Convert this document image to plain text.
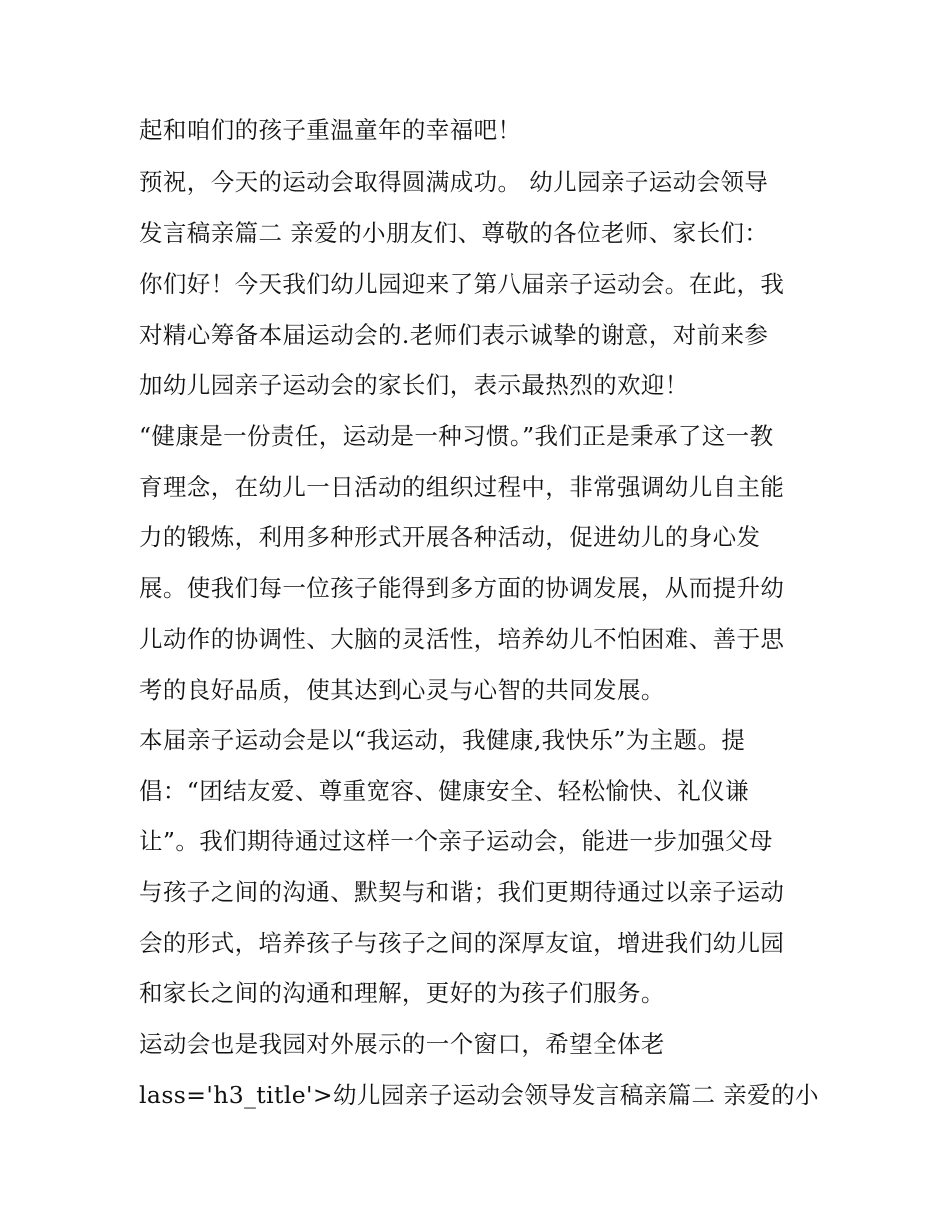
起和咱们的孩子重温童年的幸福吧！
预祝，今天的运动会取得圆满成功。 幼儿园亲子运动会领导
发言稿亲篇二 亲爱的小朋友们、尊敬的各位老师、家长们：
你们好！今天我们幼儿园迎来了第八届亲子运动会。在此，我
对精心筹备本届运动会的.老师们表示诚挚的谢意，对前来参
加幼儿园亲子运动会的家长们，表示最热烈的欢迎！
“健康是一份责任，运动是一种习惯。”我们正是秉承了这一教
育理念，在幼儿一日活动的组织过程中，非常强调幼儿自主能
力的锻炼，利用多种形式开展各种活动，促进幼儿的身心发
展。使我们每一位孩子能得到多方面的协调发展，从而提升幼
儿动作的协调性、大脑的灵活性，培养幼儿不怕困难、善于思
考的良好品质，使其达到心灵与心智的共同发展。
本届亲子运动会是以“我运动，我健康,我快乐”为主题。提
倡：“团结友爱、尊重宽容、健康安全、轻松愉快、礼仪谦
让”。我们期待通过这样一个亲子运动会，能进一步加强父母
与孩子之间的沟通、默契与和谐；我们更期待通过以亲子运动
会的形式，培养孩子与孩子之间的深厚友谊，增进我们幼儿园
和家长之间的沟通和理解，更好的为孩子们服务。
运动会也是我园对外展示的一个窗口，希望全体老
lass='h3_title'>幼儿园亲子运动会领导发言稿亲篇二 亲爱的小
